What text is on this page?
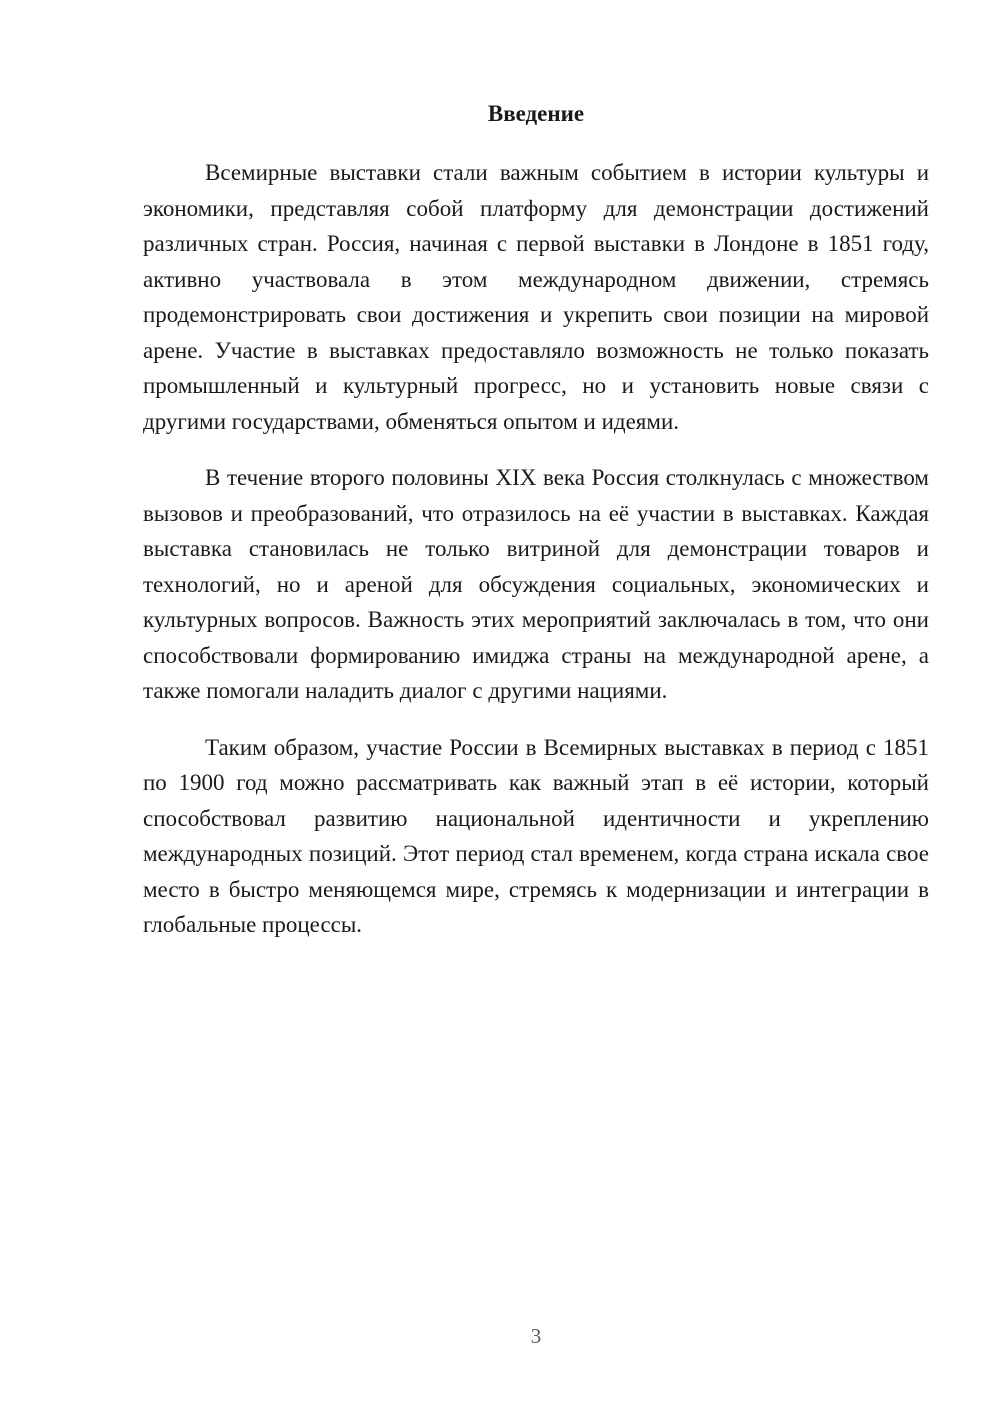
Введение

Всемирные выставки стали важным событием в истории культуры и экономики, представляя собой платформу для демонстрации достижений различных стран. Россия, начиная с первой выставки в Лондоне в 1851 году, активно участвовала в этом международном движении, стремясь продемонстрировать свои достижения и укрепить свои позиции на мировой арене. Участие в выставках предоставляло возможность не только показать промышленный и культурный прогресс, но и установить новые связи с другими государствами, обменяться опытом и идеями.

В течение второго половины XIX века Россия столкнулась с множеством вызовов и преобразований, что отразилось на её участии в выставках. Каждая выставка становилась не только витриной для демонстрации товаров и технологий, но и ареной для обсуждения социальных, экономических и культурных вопросов. Важность этих мероприятий заключалась в том, что они способствовали формированию имиджа страны на международной арене, а также помогали наладить диалог с другими нациями.

Таким образом, участие России в Всемирных выставках в период с 1851 по 1900 год можно рассматривать как важный этап в её истории, который способствовал развитию национальной идентичности и укреплению международных позиций. Этот период стал временем, когда страна искала свое место в быстро меняющемся мире, стремясь к модернизации и интеграции в глобальные процессы.

3
